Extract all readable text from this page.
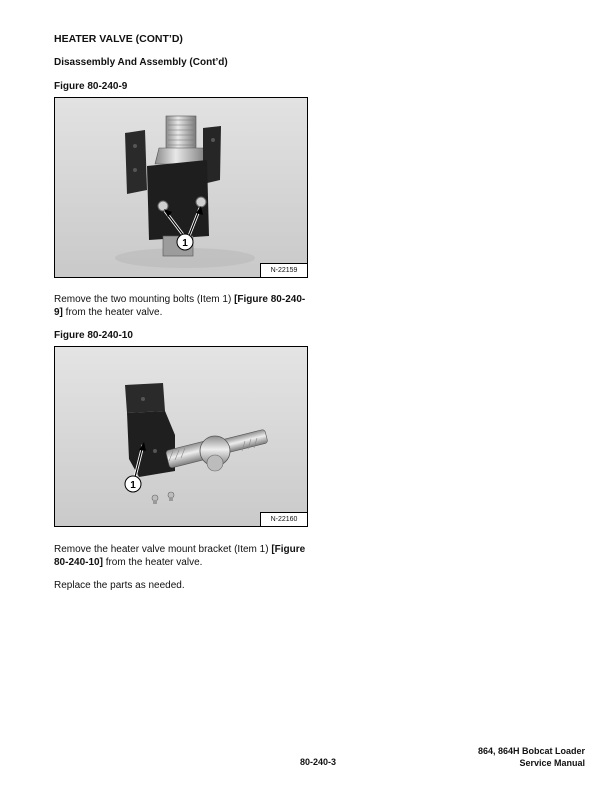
HEATER VALVE (CONT’D)
Disassembly And Assembly (Cont’d)
Figure 80-240-9
1
N-22159
Remove the two mounting bolts (Item 1) [Figure 80-240-9] from the heater valve.
Figure 80-240-10
1
N-22160
Remove the heater valve mount bracket (Item 1) [Figure 80-240-10] from the heater valve.
Replace the parts as needed.
864, 864H Bobcat Loader
Service Manual
80-240-3
